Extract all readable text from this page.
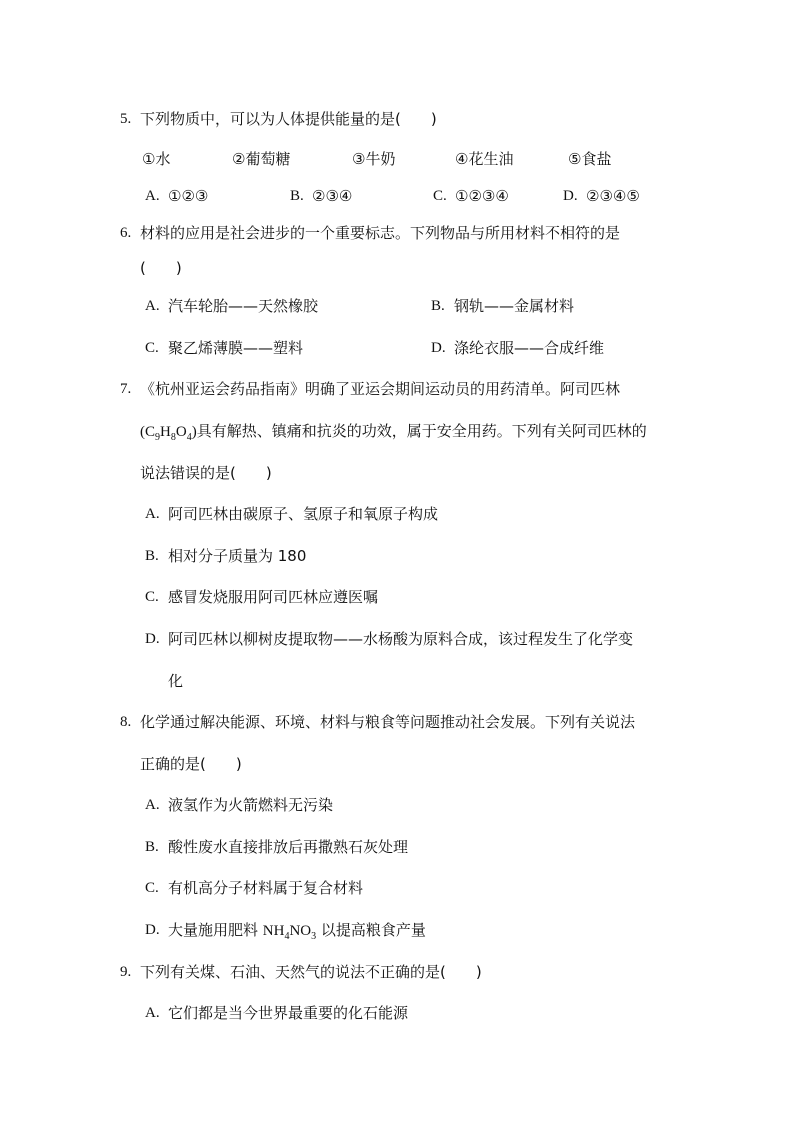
5. 下列物质中，可以为人体提供能量的是(　　)
①水	②葡萄糖	③牛奶	④花生油	⑤食盐
A. ①②③	B. ②③④	C. ①②③④	D. ②③④⑤
6. 材料的应用是社会进步的一个重要标志。下列物品与所用材料不相符的是
(　　)
A. 汽车轮胎——天然橡胶	B. 钢轨——金属材料
C. 聚乙烯薄膜——塑料	D. 涤纶衣服——合成纤维
7. 《杭州亚运会药品指南》明确了亚运会期间运动员的用药清单。阿司匹林
$(C_9H_8O_4)$具有解热、镇痛和抗炎的功效，属于安全用药。下列有关阿司匹林的
说法错误的是(　　)
A. 阿司匹林由碳原子、氢原子和氧原子构成
B. 相对分子质量为 180
C. 感冒发烧服用阿司匹林应遵医嘱
D. 阿司匹林以柳树皮提取物——水杨酸为原料合成，该过程发生了化学变
化
8. 化学通过解决能源、环境、材料与粮食等问题推动社会发展。下列有关说法
正确的是(　　)
A. 液氢作为火箭燃料无污染
B. 酸性废水直接排放后再撒熟石灰处理
C. 有机高分子材料属于复合材料
D. 大量施用肥料 $NH_4NO_3$ 以提高粮食产量
9. 下列有关煤、石油、天然气的说法不正确的是(　　)
A. 它们都是当今世界最重要的化石能源
